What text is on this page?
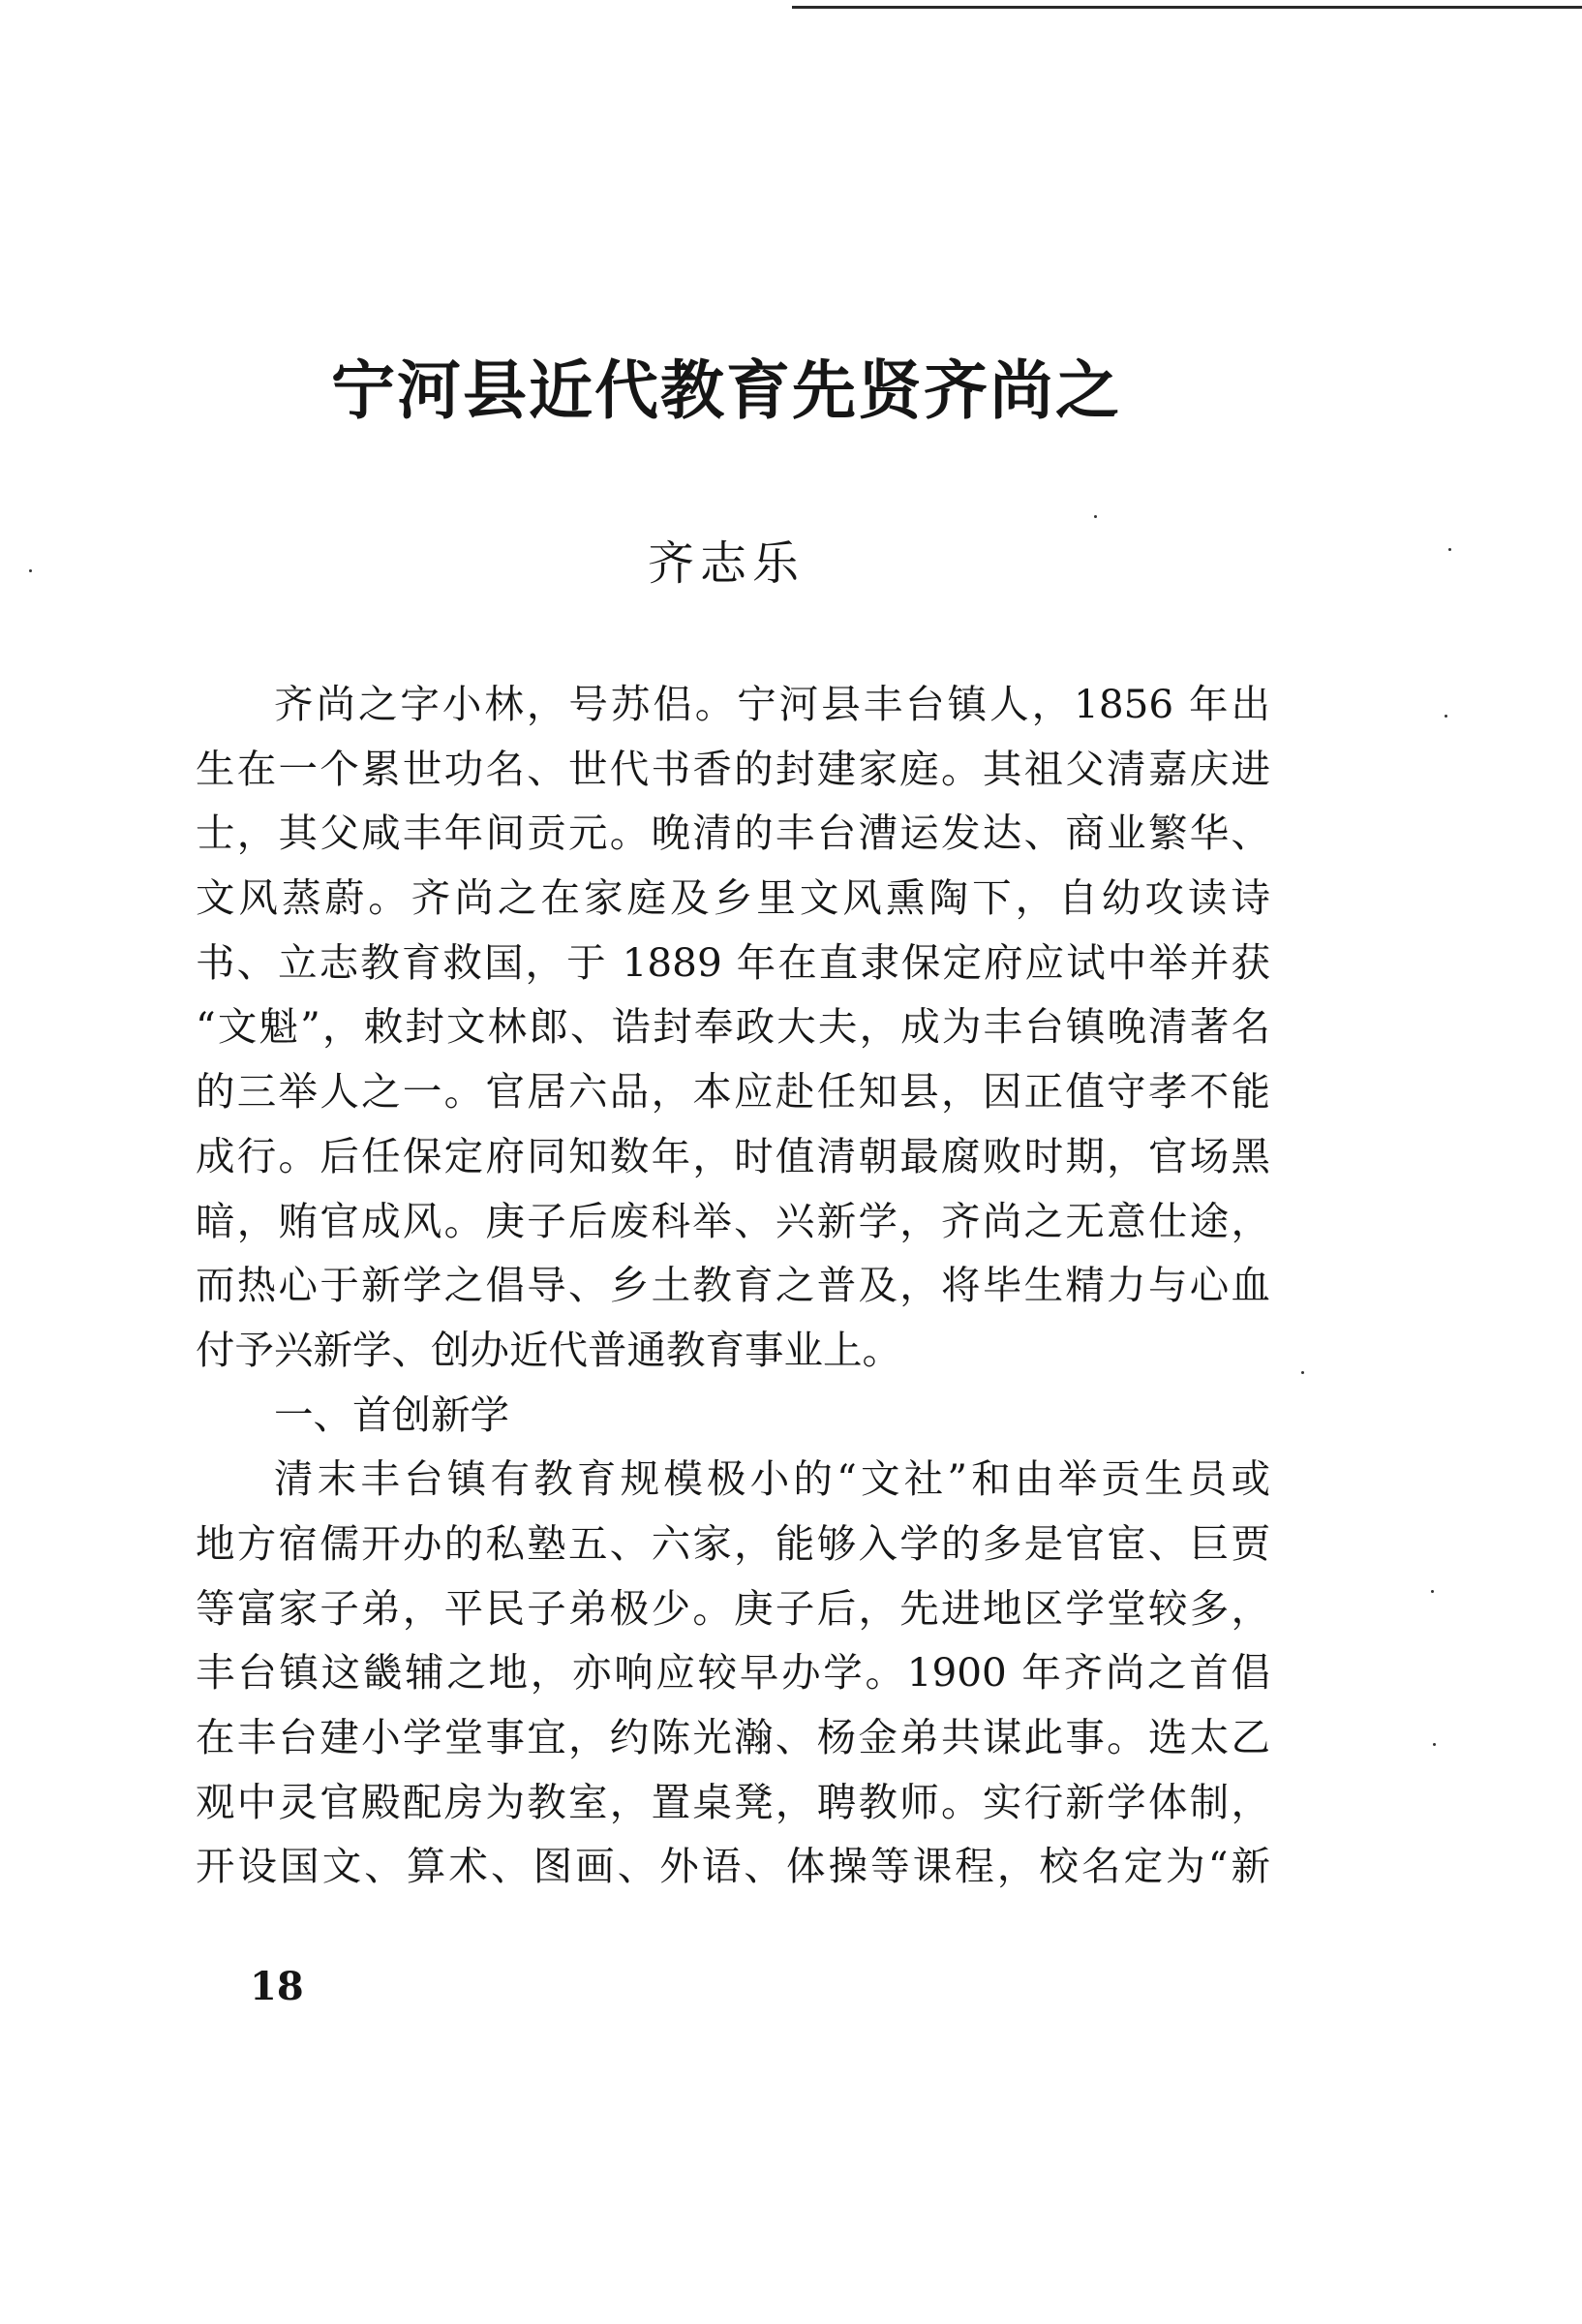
宁河县近代教育先贤齐尚之
齐志乐
齐尚之字小林，号苏侣。宁河县丰台镇人，1856 年出
生在一个累世功名、世代书香的封建家庭。其祖父清嘉庆进
士，其父咸丰年间贡元。晚清的丰台漕运发达、商业繁华、
文风蒸蔚。齐尚之在家庭及乡里文风熏陶下，自幼攻读诗
书、立志教育救国，于 1889 年在直隶保定府应试中举并获
“文魁”，敕封文林郎、诰封奉政大夫，成为丰台镇晚清著名
的三举人之一。官居六品，本应赴任知县，因正值守孝不能
成行。后任保定府同知数年，时值清朝最腐败时期，官场黑
暗，贿官成风。庚子后废科举、兴新学，齐尚之无意仕途，
而热心于新学之倡导、乡土教育之普及，将毕生精力与心血
付予兴新学、创办近代普通教育事业上。
一、首创新学
清末丰台镇有教育规模极小的“文社”和由举贡生员或
地方宿儒开办的私塾五、六家，能够入学的多是官宦、巨贾
等富家子弟，平民子弟极少。庚子后，先进地区学堂较多，
丰台镇这畿辅之地，亦响应较早办学。1900 年齐尚之首倡
在丰台建小学堂事宜，约陈光瀚、杨金弟共谋此事。选太乙
观中灵官殿配房为教室，置桌凳，聘教师。实行新学体制，
开设国文、算术、图画、外语、体操等课程，校名定为“新
18
